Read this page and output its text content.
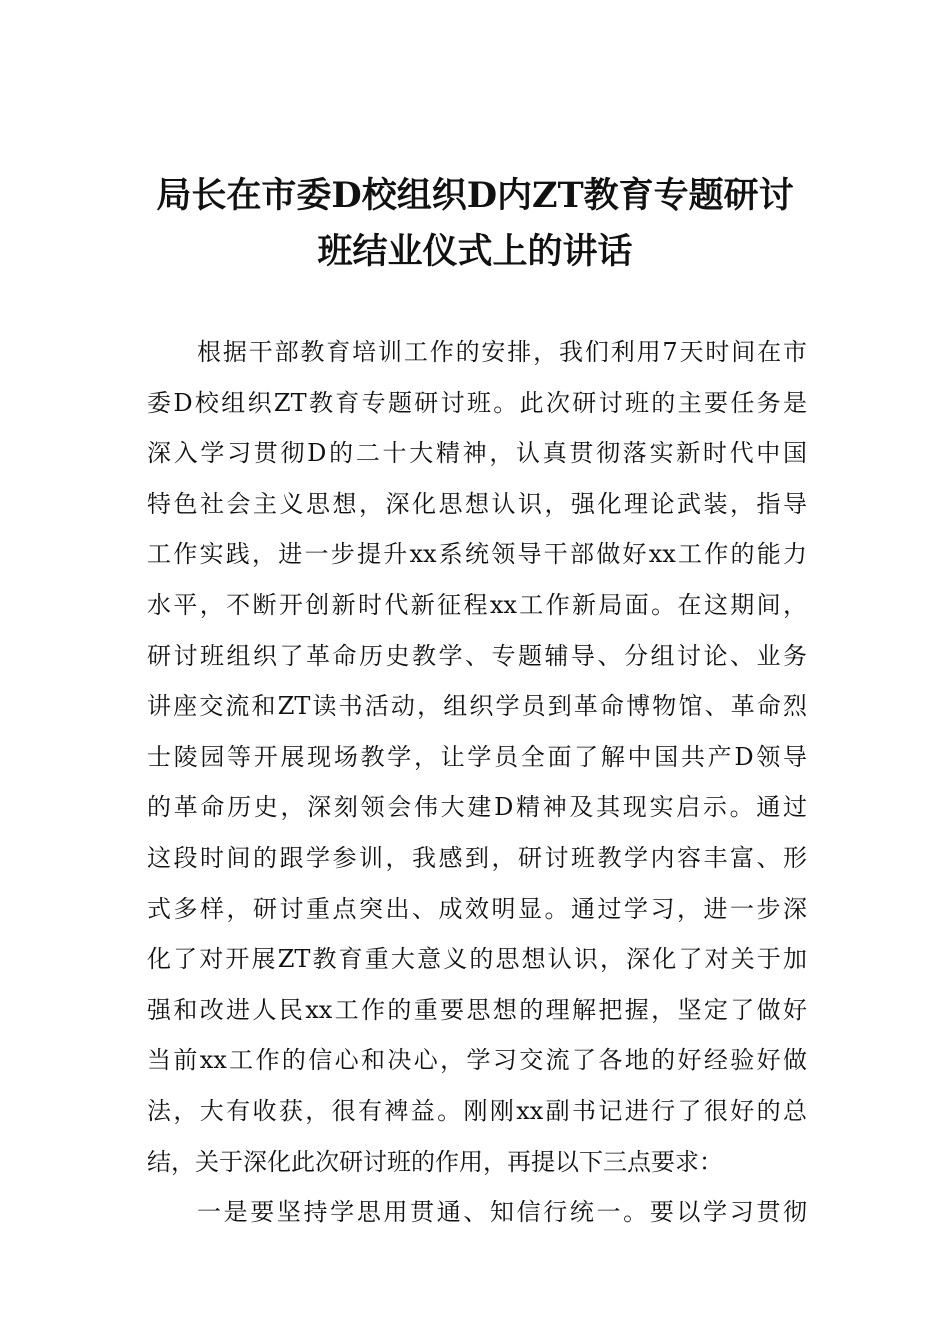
局长在市委D校组织D内ZT教育专题研讨
班结业仪式上的讲话
根据干部教育培训工作的安排，我们利用7天时间在市
委D校组织ZT教育专题研讨班。此次研讨班的主要任务是
深入学习贯彻D的二十大精神，认真贯彻落实新时代中国
特色社会主义思想，深化思想认识，强化理论武装，指导
工作实践，进一步提升xx系统领导干部做好xx工作的能力
水平，不断开创新时代新征程xx工作新局面。在这期间，
研讨班组织了革命历史教学、专题辅导、分组讨论、业务
讲座交流和ZT读书活动，组织学员到革命博物馆、革命烈
士陵园等开展现场教学，让学员全面了解中国共产D领导
的革命历史，深刻领会伟大建D精神及其现实启示。通过
这段时间的跟学参训，我感到，研讨班教学内容丰富、形
式多样，研讨重点突出、成效明显。通过学习，进一步深
化了对开展ZT教育重大意义的思想认识，深化了对关于加
强和改进人民xx工作的重要思想的理解把握，坚定了做好
当前xx工作的信心和决心，学习交流了各地的好经验好做
法，大有收获，很有裨益。刚刚xx副书记进行了很好的总
结，关于深化此次研讨班的作用，再提以下三点要求：
一是要坚持学思用贯通、知信行统一。要以学习贯彻
